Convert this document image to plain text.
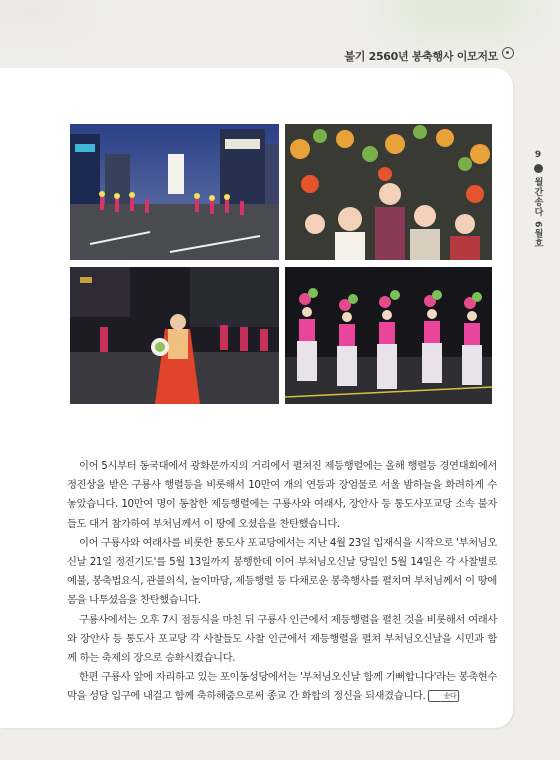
불기 2560년 봉축행사 이모저모
9
월간송다 6월호

이어 5시부터 동국대에서 광화문까지의 거리에서 펼쳐진 제등행렬에는 올해 행렬등 경연대회에서 정진상을 받은 구룡사 행렬등을 비롯해서 10만여 개의 연등과 장엄물로 서울 밤하늘을 화려하게 수 놓았습니다. 10만여 명이 동참한 제등행렬에는 구룡사와 여래사, 장안사 등 통도사포교당 소속 불자들도 대거 참가하여 부처님께서 이 땅에 오셨음을 찬탄했습니다.

이어 구룡사와 여래사를 비롯한 통도사 포교당에서는 지난 4월 23일 입재식을 시작으로 '부처님오신날 21일 정진기도'를 5월 13일까지 봉행한데 이어 부처님오신날 당일인 5월 14일은 각 사찰별로 예불, 봉축법요식, 관불의식, 놀이마당, 제등행렬 등 다채로운 봉축행사를 펼치며 부처님께서 이 땅에 몸을 나투셨음을 찬탄했습니다.

구룡사에서는 오후 7시 점등식을 마친 뒤 구룡사 인근에서 제등행렬을 펼친 것을 비롯해서 여래사와 장안사 등 통도사 포교당 각 사찰들도 사찰 인근에서 제등행렬을 펼쳐 부처님오신날을 시민과 함께 하는 축제의 장으로 승화시켰습니다.

한편 구룡사 앞에 자리하고 있는 포이동성당에서는 '부처님오신날 함께 기뻐합니다'라는 봉축현수막을 성당 입구에 내걸고 함께 축하해줌으로써 종교 간 화합의 정신을 되새겼습니다.	송다
